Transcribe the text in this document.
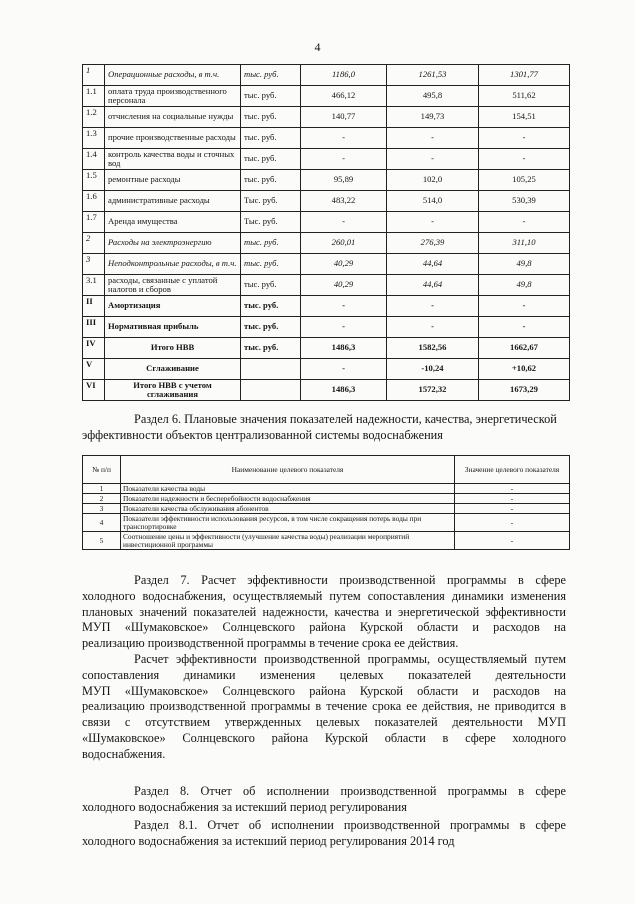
4
1	Операционные расходы, в т.ч.	тыс. руб.	1186,0	1261,53	1301,77
1.1	оплата труда производственного персонала	тыс. руб.	466,12	495,8	511,62
1.2	отчисления на социальные нужды	тыс. руб.	140,77	149,73	154,51
1.3	прочие производственные расходы	тыс. руб.	-	-	-
1.4	контроль качества воды и сточных вод	тыс. руб.	-	-	-
1.5	ремонтные расходы	тыс. руб.	95,89	102,0	105,25
1.6	административные расходы	Тыс. руб.	483,22	514,0	530,39
1.7	Аренда имущества	Тыс. руб.	-	-	-
2	Расходы на электроэнергию	тыс. руб.	260,01	276,39	311,10
3	Неподконтрольные расходы, в т.ч.	тыс. руб.	40,29	44,64	49,8
3.1	расходы, связанные с уплатой налогов и сборов	тыс. руб.	40,29	44,64	49,8
II	Амортизация	тыс. руб.	-	-	-
III	Нормативная прибыль	тыс. руб.	-	-	-
IV	Итого НВВ	тыс. руб.	1486,3	1582,56	1662,67
V	Сглаживание		-	-10,24	+10,62
VI	Итого НВВ с учетом сглаживания		1486,3	1572,32	1673,29
Раздел 6. Плановые значения показателей надежности, качества, энергетической эффективности объектов централизованной системы водоснабжения
№ п/п	Наименование целевого показателя	Значение целевого показателя
1	Показатели качества воды	-
2	Показатели надежности и бесперебойности водоснабжения	-
3	Показатели качества обслуживания абонентов	-
4	Показатели эффективности использования ресурсов, в том числе сокращения потерь воды при транспортировке	-
5	Соотношение цены и эффективности (улучшение качества воды) реализации мероприятий инвестиционной программы	-
Раздел 7. Расчет эффективности производственной программы в сфере
холодного водоснабжения, осуществляемый путем сопоставления динамики изменения
плановых значений показателей надежности, качества и энергетической эффективности
МУП «Шумаковское» Солнцевского района Курской области и расходов на
реализацию производственной программы в течение срока ее действия.
Расчет эффективности производственной программы, осуществляемый путем
сопоставления динамики изменения целевых показателей деятельности
МУП «Шумаковское» Солнцевского района Курской области и расходов на
реализацию производственной программы в течение срока ее действия, не приводится в
связи с отсутствием утвержденных целевых показателей деятельности МУП
«Шумаковское» Солнцевского района Курской области в сфере холодного
водоснабжения.
Раздел 8. Отчет об исполнении производственной программы в сфере
холодного водоснабжения за истекший период регулирования
Раздел 8.1. Отчет об исполнении производственной программы в сфере
холодного водоснабжения за истекший период регулирования 2014 год
